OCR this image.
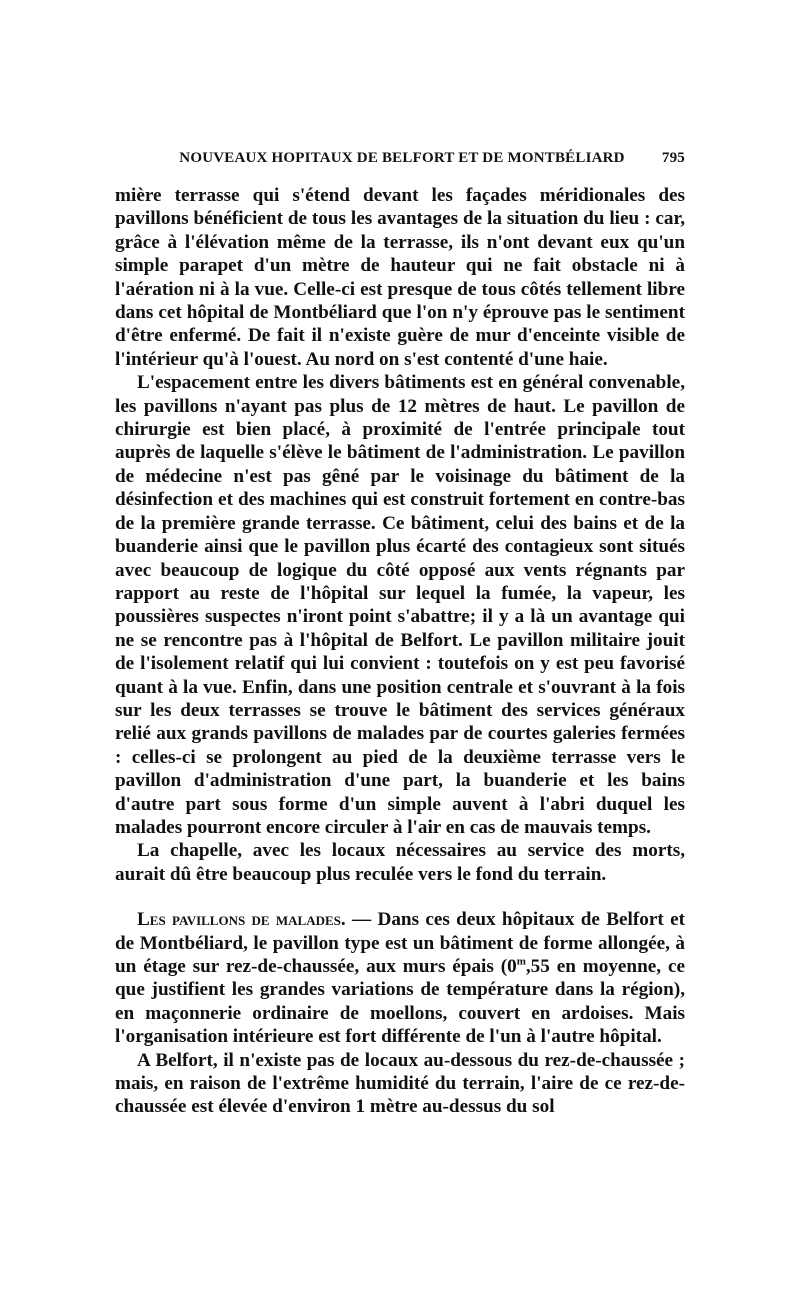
NOUVEAUX HOPITAUX DE BELFORT ET DE MONTBÉLIARD	795

mière terrasse qui s'étend devant les façades méridionales des pavillons bénéficient de tous les avantages de la situation du lieu : car, grâce à l'élévation même de la terrasse, ils n'ont devant eux qu'un simple parapet d'un mètre de hauteur qui ne fait obstacle ni à l'aération ni à la vue. Celle-ci est presque de tous côtés tellement libre dans cet hôpital de Montbéliard que l'on n'y éprouve pas le sentiment d'être enfermé. De fait il n'existe guère de mur d'enceinte visible de l'intérieur qu'à l'ouest. Au nord on s'est contenté d'une haie.

L'espacement entre les divers bâtiments est en général convenable, les pavillons n'ayant pas plus de 12 mètres de haut. Le pavillon de chirurgie est bien placé, à proximité de l'entrée principale tout auprès de laquelle s'élève le bâtiment de l'administration. Le pavillon de médecine n'est pas gêné par le voisinage du bâtiment de la désinfection et des machines qui est construit fortement en contre-bas de la première grande terrasse. Ce bâtiment, celui des bains et de la buanderie ainsi que le pavillon plus écarté des contagieux sont situés avec beaucoup de logique du côté opposé aux vents régnants par rapport au reste de l'hôpital sur lequel la fumée, la vapeur, les poussières suspectes n'iront point s'abattre; il y a là un avantage qui ne se rencontre pas à l'hôpital de Belfort. Le pavillon militaire jouit de l'isolement relatif qui lui convient : toutefois on y est peu favorisé quant à la vue. Enfin, dans une position centrale et s'ouvrant à la fois sur les deux terrasses se trouve le bâtiment des services généraux relié aux grands pavillons de malades par de courtes galeries fermées : celles-ci se prolongent au pied de la deuxième terrasse vers le pavillon d'administration d'une part, la buanderie et les bains d'autre part sous forme d'un simple auvent à l'abri duquel les malades pourront encore circuler à l'air en cas de mauvais temps.

La chapelle, avec les locaux nécessaires au service des morts, aurait dû être beaucoup plus reculée vers le fond du terrain.

Les pavillons de malades. — Dans ces deux hôpitaux de Belfort et de Montbéliard, le pavillon type est un bâtiment de forme allongée, à un étage sur rez-de-chaussée, aux murs épais (0$^m$,55 en moyenne, ce que justifient les grandes variations de température dans la région), en maçonnerie ordinaire de moellons, couvert en ardoises. Mais l'organisation intérieure est fort différente de l'un à l'autre hôpital.

A Belfort, il n'existe pas de locaux au-dessous du rez-de-chaussée ; mais, en raison de l'extrême humidité du terrain, l'aire de ce rez-de-chaussée est élevée d'environ 1 mètre au-dessus du sol
